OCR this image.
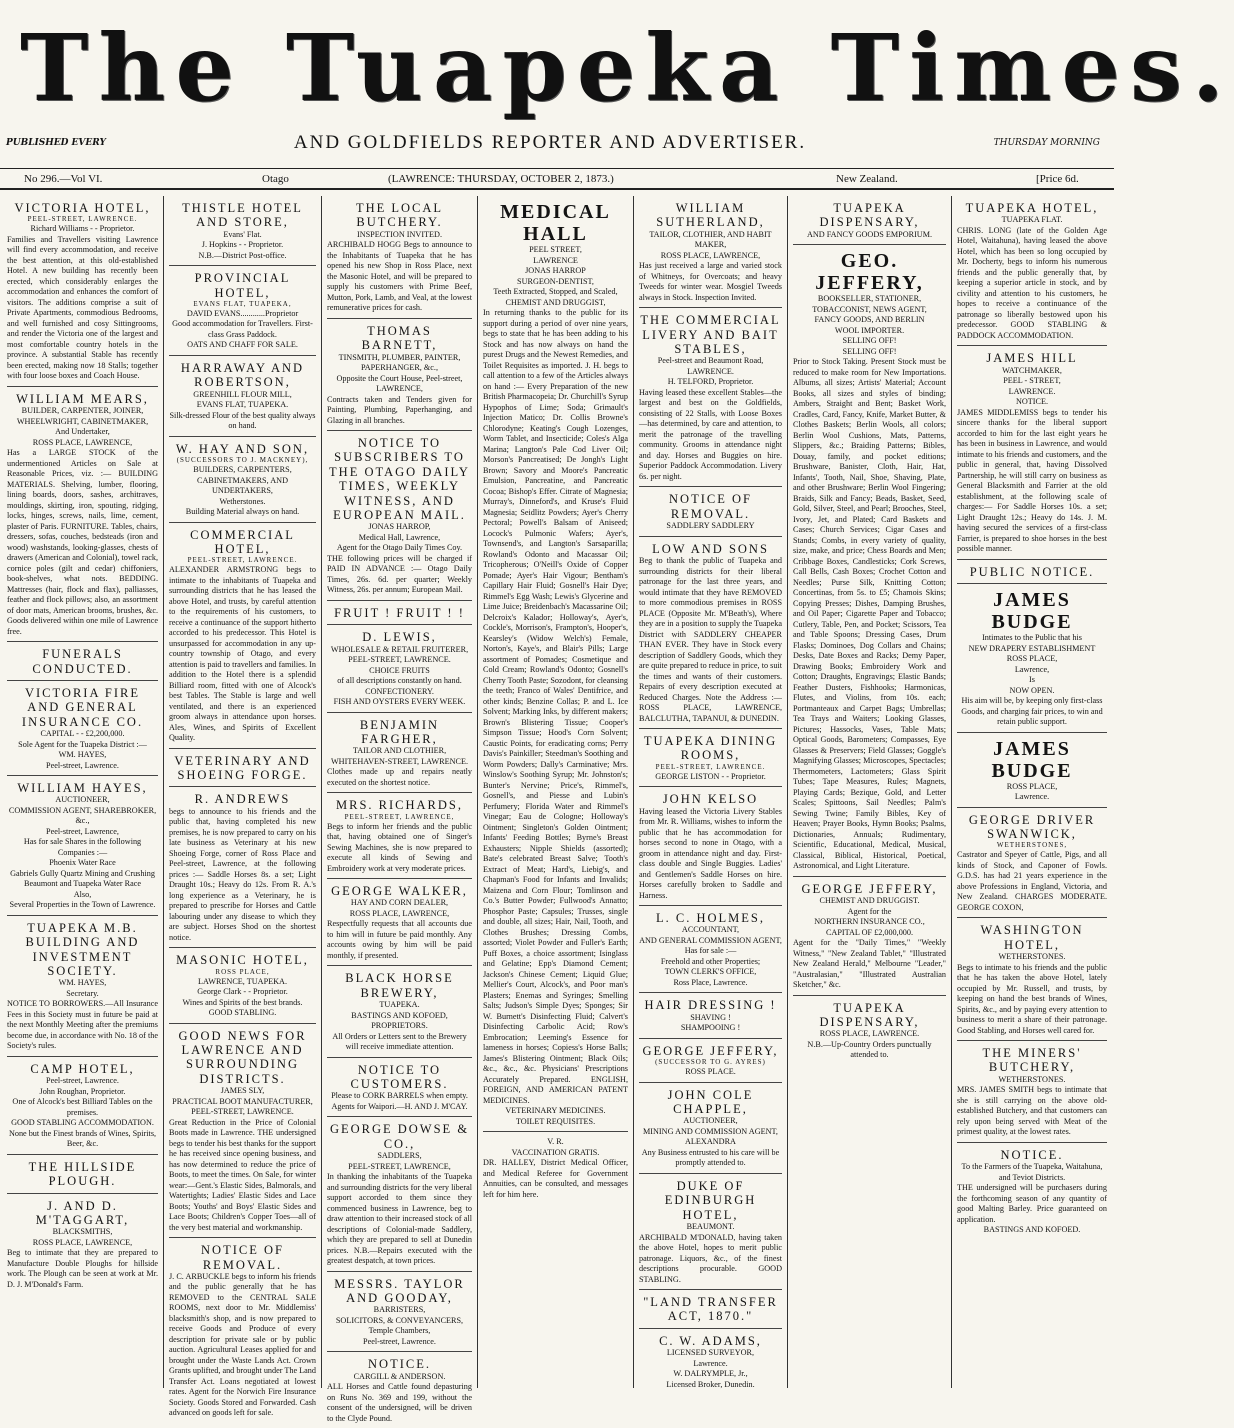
The Tuapeka Times.
PUBLISHED EVERY	AND GOLDFIELDS REPORTER AND ADVERTISER.	THURSDAY MORNING
No 296.—Vol VI.	Otago	(LAWRENCE: THURSDAY, OCTOBER 2, 1873.)	New Zealand.	[Price 6d.
VICTORIA HOTEL,
PEEL-STREET, LAWRENCE.
Richard Williams - - Proprietor.
Families and Travellers visiting Lawrence will find every accommodation, and receive the best attention, at this old-established Hotel. A new building has recently been erected, which considerably enlarges the accommodation and enhances the comfort of visitors. The additions comprise a suit of Private Apartments, commodious Bedrooms, and well furnished and cosy Sittingrooms, and render the Victoria one of the largest and most comfortable country hotels in the province. A substantial Stable has recently been erected, making now 18 Stalls; together with four loose boxes and Coach House.
WILLIAM MEARS,
BUILDER, CARPENTER, JOINER,
WHEELWRIGHT, CABINETMAKER,
And Undertaker,
ROSS PLACE, LAWRENCE,
Has a LARGE STOCK of the undermentioned Articles on Sale at Reasonable Prices, viz. :— BUILDING MATERIALS. Shelving, lumber, flooring, lining boards, doors, sashes, architraves, mouldings, skirting, iron, spouting, ridging, locks, hinges, screws, nails, lime, cement, plaster of Paris. FURNITURE. Tables, chairs, dressers, sofas, couches, bedsteads (iron and wood) washstands, looking-glasses, chests of drawers (American and Colonial), towel rack, cornice poles (gilt and cedar) chiffoniers, book-shelves, what nots. BEDDING. Mattresses (hair, flock and flax), palliasses, feather and flock pillows; also, an assortment of door mats, American brooms, brushes, &c. Goods delivered within one mile of Lawrence free.
FUNERALS CONDUCTED.
VICTORIA FIRE AND GENERAL INSURANCE CO.
CAPITAL - - £2,200,000.
Sole Agent for the Tuapeka District :—
WM. HAYES,
Peel-street, Lawrence.
WILLIAM HAYES,
AUCTIONEER,
COMMISSION AGENT, SHAREBROKER, &c.,
Peel-street, Lawrence,
Has for sale Shares in the following Companies :—
Phoenix Water Race
Gabriels Gully Quartz Mining and Crushing
Beaumont and Tuapeka Water Race
Also,
Several Properties in the Town of Lawrence.
TUAPEKA M.B. BUILDING AND INVESTMENT SOCIETY.
WM. HAYES,
Secretary.
NOTICE TO BORROWERS.—All Insurance Fees in this Society must in future be paid at the next Monthly Meeting after the premiums become due, in accordance with No. 18 of the Society's rules.
CAMP HOTEL,
Peel-street, Lawrence.
John Roughan, Proprietor.
One of Alcock's best Billiard Tables on the premises.
GOOD STABLING ACCOMMODATION.
None but the Finest brands of Wines, Spirits, Beer, &c.
THE HILLSIDE PLOUGH.
J. AND D. M'TAGGART,
BLACKSMITHS,
ROSS PLACE, LAWRENCE,
Beg to intimate that they are prepared to Manufacture Double Ploughs for hillside work. The Plough can be seen at work at Mr. D. J. M'Donald's Farm.
THISTLE HOTEL AND STORE,
Evans' Flat.
J. Hopkins - - Proprietor.
N.B.—District Post-office.
PROVINCIAL HOTEL,
EVANS FLAT, TUAPEKA,
DAVID EVANS............Proprietor
Good accommodation for Travellers. First-class Grass Paddock.
OATS AND CHAFF FOR SALE.
HARRAWAY AND ROBERTSON,
GREENHILL FLOUR MILL,
EVANS FLAT, TUAPEKA.
Silk-dressed Flour of the best quality always on hand.
W. HAY AND SON,
(SUCCESSORS TO J. MACKNEY),
BUILDERS, CARPENTERS, CABINETMAKERS, AND UNDERTAKERS,
Wetherstones.
Building Material always on hand.
COMMERCIAL HOTEL,
PEEL-STREET, LAWRENCE.
ALEXANDER ARMSTRONG begs to intimate to the inhabitants of Tuapeka and surrounding districts that he has leased the above Hotel, and trusts, by careful attention to the requirements of his customers, to receive a continuance of the support hitherto accorded to his predecessor. This Hotel is unsurpassed for accommodation in any up-country township of Otago, and every attention is paid to travellers and families. In addition to the Hotel there is a splendid Billiard room, fitted with one of Alcock's best Tables. The Stable is large and well ventilated, and there is an experienced groom always in attendance upon horses. Ales, Wines, and Spirits of Excellent Quality.
VETERINARY AND SHOEING FORGE.
R. ANDREWS
begs to announce to his friends and the public that, having completed his new premises, he is now prepared to carry on his late business as Veterinary at his new Shoeing Forge, corner of Ross Place and Peel-street, Lawrence, at the following prices :— Saddle Horses 8s. a set; Light Draught 10s.; Heavy do 12s. From R. A.'s long experience as a Veterinary, he is prepared to prescribe for Horses and Cattle labouring under any disease to which they are subject. Horses Shod on the shortest notice.
MASONIC HOTEL,
ROSS PLACE,
LAWRENCE, TUAPEKA.
George Clark - - Proprietor.
Wines and Spirits of the best brands.
GOOD STABLING.
GOOD NEWS FOR LAWRENCE AND SURROUNDING DISTRICTS.
JAMES SLY,
PRACTICAL BOOT MANUFACTURER,
PEEL-STREET, LAWRENCE.
Great Reduction in the Price of Colonial Boots made in Lawrence. THE undersigned begs to tender his best thanks for the support he has received since opening business, and has now determined to reduce the price of Boots, to meet the times. On Sale, for winter wear:—Gent.'s Elastic Sides, Balmorals, and Watertights; Ladies' Elastic Sides and Lace Boots; Youths' and Boys' Elastic Sides and Lace Boots; Children's Copper Toes—all of the very best material and workmanship.
NOTICE OF REMOVAL.
J. C. ARBUCKLE begs to inform his friends and the public generally that he has REMOVED to the CENTRAL SALE ROOMS, next door to Mr. Middlemiss' blacksmith's shop, and is now prepared to receive Goods and Produce of every description for private sale or by public auction. Agricultural Leases applied for and brought under the Waste Lands Act. Crown Grants uplifted, and brought under The Land Transfer Act. Loans negotiated at lowest rates. Agent for the Norwich Fire Insurance Society. Goods Stored and Forwarded. Cash advanced on goods left for sale.
THE LOCAL BUTCHERY.
INSPECTION INVITED.
ARCHIBALD HOGG Begs to announce to the Inhabitants of Tuapeka that he has opened his new Shop in Ross Place, next the Masonic Hotel, and will be prepared to supply his customers with Prime Beef, Mutton, Pork, Lamb, and Veal, at the lowest remunerative prices for cash.
THOMAS BARNETT,
TINSMITH, PLUMBER, PAINTER, PAPERHANGER, &c.,
Opposite the Court House, Peel-street,
LAWRENCE,
Contracts taken and Tenders given for Painting, Plumbing, Paperhanging, and Glazing in all branches.
NOTICE TO SUBSCRIBERS TO THE OTAGO DAILY TIMES, WEEKLY WITNESS, AND EUROPEAN MAIL.
JONAS HARROP,
Medical Hall, Lawrence,
Agent for the Otago Daily Times Coy.
THE following prices will be charged if PAID IN ADVANCE :— Otago Daily Times, 26s. 6d. per quarter; Weekly Witness, 26s. per annum; European Mail.
FRUIT ! FRUIT ! !
D. LEWIS,
WHOLESALE & RETAIL FRUITERER,
PEEL-STREET, LAWRENCE.
CHOICE FRUITS
of all descriptions constantly on hand.
CONFECTIONERY.
FISH AND OYSTERS EVERY WEEK.
BENJAMIN FARGHER,
TAILOR AND CLOTHIER,
WHITEHAVEN-STREET, LAWRENCE.
Clothes made up and repairs neatly executed on the shortest notice.
MRS. RICHARDS,
PEEL-STREET, LAWRENCE,
Begs to inform her friends and the public that, having obtained one of Singer's Sewing Machines, she is now prepared to execute all kinds of Sewing and Embroidery work at very moderate prices.
GEORGE WALKER,
HAY AND CORN DEALER,
ROSS PLACE, LAWRENCE,
Respectfully requests that all accounts due to him will in future be paid monthly. Any accounts owing by him will be paid monthly, if presented.
BLACK HORSE BREWERY,
TUAPEKA.
BASTINGS AND KOFOED,
PROPRIETORS.
All Orders or Letters sent to the Brewery will receive immediate attention.
NOTICE TO CUSTOMERS.
Please to CORK BARRELS when empty.
Agents for Waipori.—H. AND J. M'CAY.
GEORGE DOWSE & CO.,
SADDLERS,
PEEL-STREET, LAWRENCE,
In thanking the inhabitants of the Tuapeka and surrounding districts for the very liberal support accorded to them since they commenced business in Lawrence, beg to draw attention to their increased stock of all descriptions of Colonial-made Saddlery, which they are prepared to sell at Dunedin prices. N.B.—Repairs executed with the greatest despatch, at town prices.
MESSRS. TAYLOR AND GOODAY,
BARRISTERS,
SOLICITORS, & CONVEYANCERS,
Temple Chambers,
Peel-street, Lawrence.
NOTICE.
CARGILL & ANDERSON.
ALL Horses and Cattle found depasturing on Runs No. 369 and 199, without the consent of the undersigned, will be driven to the Clyde Pound.
MEDICAL HALL
PEEL STREET,
LAWRENCE
JONAS HARROP
SURGEON-DENTIST,
Teeth Extracted, Stopped, and Scaled,
CHEMIST AND DRUGGIST,
In returning thanks to the public for its support during a period of over nine years, begs to state that he has been adding to his Stock and has now always on hand the purest Drugs and the Newest Remedies, and Toilet Requisites as imported. J. H. begs to call attention to a few of the Articles always on hand :— Every Preparation of the new British Pharmacopeia; Dr. Churchill's Syrup Hypophos of Lime; Soda; Grimault's Injection Matico; Dr. Collis Browne's Chlorodyne; Keating's Cough Lozenges, Worm Tablet, and Insecticide; Coles's Alga Marina; Langton's Pale Cod Liver Oil; Morson's Pancreatised; De Jongh's Light Brown; Savory and Moore's Pancreatic Emulsion, Pancreatine, and Pancreatic Cocoa; Bishop's Effer. Citrate of Magnesia; Murray's, Dinneford's, and Kruse's Fluid Magnesia; Seidlitz Powders; Ayer's Cherry Pectoral; Powell's Balsam of Aniseed; Locock's Pulmonic Wafers; Ayer's, Townsend's, and Langton's Sarsaparilla; Rowland's Odonto and Macassar Oil; Tricopherous; O'Neill's Oxide of Copper Pomade; Ayer's Hair Vigour; Bentham's Capillary Hair Fluid; Gosnell's Hair Dye; Rimmel's Egg Wash; Lewis's Glycerine and Lime Juice; Breidenbach's Macassarine Oil; Delcroix's Kalador; Holloway's, Ayer's, Cockle's, Morrison's, Frampton's, Hooper's, Kearsley's (Widow Welch's) Female, Norton's, Kaye's, and Blair's Pills; Large assortment of Pomades; Cosmetique and Cold Cream; Rowland's Odonto; Gosnell's Cherry Tooth Paste; Sozodont, for cleansing the teeth; Franco of Wales' Dentifrice, and other kinds; Benzine Collas; P. and L. Ice Solvent; Marking Inks, by different makers; Brown's Blistering Tissue; Cooper's Simpson Tissue; Hood's Corn Solvent; Caustic Points, for eradicating corns; Perry Davis's Painkiller; Steedman's Soothing and Worm Powders; Dally's Carminative; Mrs. Winslow's Soothing Syrup; Mr. Johnston's; Bunter's Nervine; Price's, Rimmel's, Gosnell's, and Piesse and Lubin's Perfumery; Florida Water and Rimmel's Vinegar; Eau de Cologne; Holloway's Ointment; Singleton's Golden Ointment; Infants' Feeding Bottles; Byrne's Breast Exhausters; Nipple Shields (assorted); Bate's celebrated Breast Salve; Tooth's Extract of Meat; Hard's, Liebig's, and Chapman's Food for Infants and Invalids; Maizena and Corn Flour; Tomlinson and Co.'s Butter Powder; Fullwood's Annatto; Phosphor Paste; Capsules; Trusses, single and double, all sizes; Hair, Nail, Tooth, and Clothes Brushes; Dressing Combs, assorted; Violet Powder and Fuller's Earth; Puff Boxes, a choice assortment; Isinglass and Gelatine; Epp's Diamond Cement; Jackson's Chinese Cement; Liquid Glue; Mellier's Court, Alcock's, and Poor man's Plasters; Enemas and Syringes; Smelling Salts; Judson's Simple Dyes; Sponges; Sir W. Burnett's Disinfecting Fluid; Calvert's Disinfecting Carbolic Acid; Row's Embrocation; Leeming's Essence for lameness in horses; Copiess's Horse Balls; James's Blistering Ointment; Black Oils; &c., &c., &c. Physicians' Prescriptions Accurately Prepared. ENGLISH, FOREIGN, AND AMERICAN PATENT MEDICINES.
VETERINARY MEDICINES.
TOILET REQUISITES.
V. R.
VACCINATION GRATIS.
DR. HALLEY, District Medical Officer, and Medical Referee for Government Annuities, can be consulted, and messages left for him here.
WILLIAM SUTHERLAND,
TAILOR, CLOTHIER, AND HABIT MAKER,
ROSS PLACE, LAWRENCE,
Has just received a large and varied stock of Whitneys, for Overcoats; and heavy Tweeds for winter wear. Mosgiel Tweeds always in Stock. Inspection Invited.
THE COMMERCIAL LIVERY AND BAIT STABLES,
Peel-street and Beaumont Road,
LAWRENCE.
H. TELFORD, Proprietor.
Having leased these excellent Stables—the largest and best on the Goldfields, consisting of 22 Stalls, with Loose Boxes—has determined, by care and attention, to merit the patronage of the travelling community. Grooms in attendance night and day. Horses and Buggies on hire. Superior Paddock Accommodation. Livery 6s. per night.
NOTICE OF REMOVAL.
SADDLERY SADDLERY
LOW AND SONS
Beg to thank the public of Tuapeka and surrounding districts for their liberal patronage for the last three years, and would intimate that they have REMOVED to more commodious premises in ROSS PLACE (Opposite Mr. M'Beath's), Where they are in a position to supply the Tuapeka District with SADDLERY CHEAPER THAN EVER. They have in Stock every description of Saddlery Goods, which they are quite prepared to reduce in price, to suit the times and wants of their customers. Repairs of every description executed at Reduced Charges. Note the Address :— ROSS PLACE, LAWRENCE, BALCLUTHA, TAPANUI, & DUNEDIN.
TUAPEKA DINING ROOMS,
PEEL-STREET, LAWRENCE.
GEORGE LISTON - - Proprietor.
JOHN KELSO
Having leased the Victoria Livery Stables from Mr. R. Williams, wishes to inform the public that he has accommodation for horses second to none in Otago, with a groom in attendance night and day. First-class double and Single Buggies. Ladies' and Gentlemen's Saddle Horses on hire. Horses carefully broken to Saddle and Harness.
L. C. HOLMES,
ACCOUNTANT,
AND GENERAL COMMISSION AGENT,
Has for sale :—
Freehold and other Properties;
TOWN CLERK'S OFFICE,
Ross Place, Lawrence.
HAIR DRESSING !
SHAVING !
SHAMPOOING !
GEORGE JEFFERY,
(SUCCESSOR TO G. AYRES)
ROSS PLACE.
JOHN COLE CHAPPLE,
AUCTIONEER,
MINING AND COMMISSION AGENT,
ALEXANDRA
Any Business entrusted to his care will be promptly attended to.
DUKE OF EDINBURGH HOTEL,
BEAUMONT.
ARCHIBALD M'DONALD, having taken the above Hotel, hopes to merit public patronage. Liquors, &c., of the finest descriptions procurable. GOOD STABLING.
"LAND TRANSFER ACT, 1870."
C. W. ADAMS,
LICENSED SURVEYOR,
Lawrence.
W. DALRYMPLE, Jr.,
Licensed Broker, Dunedin.
TUAPEKA DISPENSARY,
AND FANCY GOODS EMPORIUM.
GEO. JEFFERY,
BOOKSELLER, STATIONER,
TOBACCONIST, NEWS AGENT,
FANCY GOODS, AND BERLIN
WOOL IMPORTER.
SELLING OFF!
SELLING OFF!
Prior to Stock Taking. Present Stock must be reduced to make room for New Importations. Albums, all sizes; Artists' Material; Account Books, all sizes and styles of binding; Ambers, Straight and Bent; Basket Work, Cradles, Card, Fancy, Knife, Market Butter, & Clothes Baskets; Berlin Wools, all colors; Berlin Wool Cushions, Mats, Patterns, Slippers, &c.; Braiding Patterns; Bibles, Douay, family, and pocket editions; Brushware, Banister, Cloth, Hair, Hat, Infants', Tooth, Nail, Shoe, Shaving, Plate, and other Brushware; Berlin Wool Fingering; Braids, Silk and Fancy; Beads, Basket, Seed, Gold, Silver, Steel, and Pearl; Brooches, Steel, Ivory, Jet, and Plated; Card Baskets and Cases; Church Services; Cigar Cases and Stands; Combs, in every variety of quality, size, make, and price; Chess Boards and Men; Cribbage Boxes, Candlesticks; Cork Screws, Call Bells, Cash Boxes; Crochet Cotton and Needles; Purse Silk, Knitting Cotton; Concertinas, from 5s. to £5; Chamois Skins; Copying Presses; Dishes, Damping Brushes, and Oil Paper; Cigarette Paper and Tobacco; Cutlery, Table, Pen, and Pocket; Scissors, Tea and Table Spoons; Dressing Cases, Drum Flasks; Dominoes, Dog Collars and Chains; Desks, Date Boxes and Racks; Demy Paper, Drawing Books; Embroidery Work and Cotton; Draughts, Engravings; Elastic Bands; Feather Dusters, Fishhooks; Harmonicas, Flutes, and Violins, from 10s. each; Portmanteaux and Carpet Bags; Umbrellas; Tea Trays and Waiters; Looking Glasses, Pictures; Hassocks, Vases, Table Mats; Optical Goods, Barometers; Compasses, Eye Glasses & Preservers; Field Glasses; Goggle's Magnifying Glasses; Microscopes, Spectacles; Thermometers, Lactometers; Glass Spirit Tubes; Tape Measures, Rules; Magnets, Playing Cards; Bezique, Gold, and Letter Scales; Spittoons, Sail Needles; Palm's Sewing Twine; Family Bibles, Key of Heaven; Prayer Books, Hymn Books; Psalms, Dictionaries, Annuals; Rudimentary, Scientific, Educational, Medical, Musical, Classical, Biblical, Historical, Poetical, Astronomical, and Light Literature.
GEORGE JEFFERY,
CHEMIST AND DRUGGIST.
Agent for the
NORTHERN INSURANCE CO.,
CAPITAL OF £2,000,000.
Agent for the "Daily Times," "Weekly Witness," "New Zealand Tablet," "Illustrated New Zealand Herald," Melbourne "Leader," "Australasian," "Illustrated Australian Sketcher," &c.
TUAPEKA DISPENSARY,
ROSS PLACE, LAWRENCE.
N.B.—Up-Country Orders punctually attended to.
TUAPEKA HOTEL,
TUAPEKA FLAT.
CHRIS. LONG (late of the Golden Age Hotel, Waitahuna), having leased the above Hotel, which has been so long occupied by Mr. Docherty, begs to inform his numerous friends and the public generally that, by keeping a superior article in stock, and by civility and attention to his customers, he hopes to receive a continuance of the patronage so liberally bestowed upon his predecessor. GOOD STABLING & PADDOCK ACCOMMODATION.
JAMES HILL
WATCHMAKER,
PEEL - STREET,
LAWRENCE.
NOTICE.
JAMES MIDDLEMISS begs to tender his sincere thanks for the liberal support accorded to him for the last eight years he has been in business in Lawrence, and would intimate to his friends and customers, and the public in general, that, having Dissolved Partnership, he will still carry on business as General Blacksmith and Farrier at the old establishment, at the following scale of charges:— For Saddle Horses 10s. a set; Light Draught 12s.; Heavy do 14s. J. M. having secured the services of a first-class Farrier, is prepared to shoe horses in the best possible manner.
PUBLIC NOTICE.
JAMES BUDGE
Intimates to the Public that his
NEW DRAPERY ESTABLISHMENT
ROSS PLACE,
Lawrence,
Is
NOW OPEN.
His aim will be, by keeping only first-class Goods, and charging fair prices, to win and retain public support.
JAMES BUDGE
ROSS PLACE,
Lawrence.
GEORGE DRIVER SWANWICK,
WETHERSTONES,
Castrator and Speyer of Cattle, Pigs, and all kinds of Stock, and Caponer of Fowls. G.D.S. has had 21 years experience in the above Professions in England, Victoria, and New Zealand. CHARGES MODERATE. GEORGE COXON,
WASHINGTON HOTEL,
WETHERSTONES.
Begs to intimate to his friends and the public that he has taken the above Hotel, lately occupied by Mr. Russell, and trusts, by keeping on hand the best brands of Wines, Spirits, &c., and by paying every attention to business to merit a share of their patronage. Good Stabling, and Horses well cared for.
THE MINERS' BUTCHERY,
WETHERSTONES.
MRS. JAMES SMITH begs to intimate that she is still carrying on the above old-established Butchery, and that customers can rely upon being served with Meat of the primest quality, at the lowest rates.
NOTICE.
To the Farmers of the Tuapeka, Waitahuna, and Teviot Districts.
THE undersigned will be purchasers during the forthcoming season of any quantity of good Malting Barley. Price guaranteed on application.
BASTINGS AND KOFOED.
